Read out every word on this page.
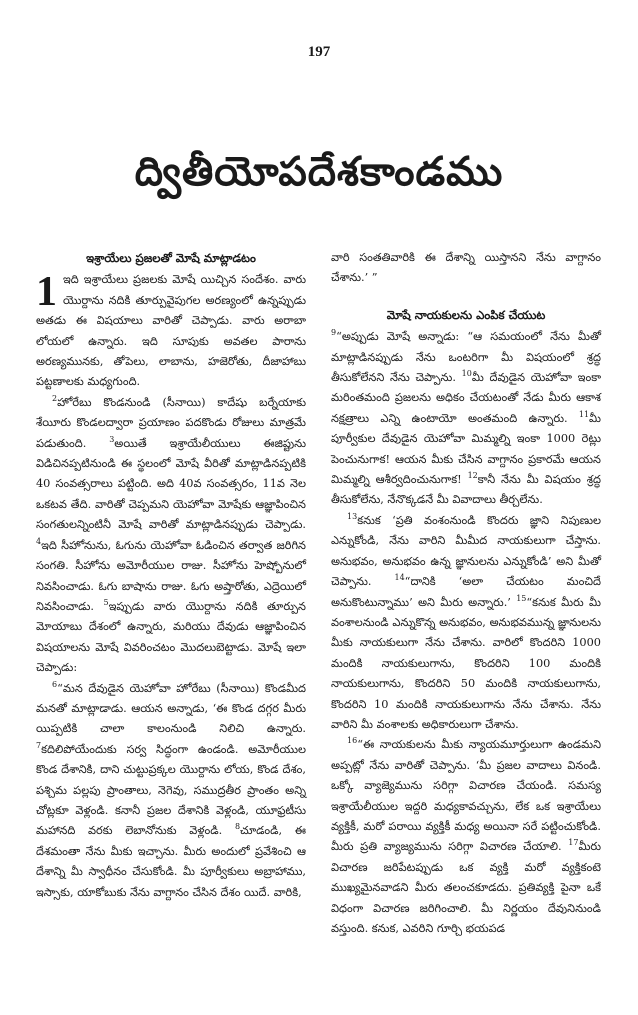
197
ద్వితీయోపదేశకాండము
ఇశ్రాయేలు ప్రజలతో మోషే మాట్లాడటం
1 ఇది ఇశ్రాయేలు ప్రజలకు మోషే యిచ్చిన సందేశం. వారు యొర్దాను నదికి తూర్పువైపుగల అరణ్యంలో ఉన్నప్పుడు అతడు ఈ విషయాలు వారితో చెప్పాడు. వారు అరాబా లోయలో ఉన్నారు. ఇది సూపుకు అవతల పారాను అరణ్యమునకు, తోపెలు, లాబాను, హజెరోతు, దీజాహాబు పట్టణాలకు మధ్యగుంది.

$^2$హోరేబు కొండనుండి (సీనాయి) కాదేషు బర్నేయాకు శేయీరు కొండలద్వారా ప్రయాణం పదకొండు రోజులు మాత్రమే పడుతుంది. $^3$అయితే ఇశ్రాయేలీయులు ఈజిప్టును విడిచినప్పటినుండి ఈ స్థలంలో మోషే వీరితో మాట్లాడినప్పటికి 40 సంవత్సరాలు పట్టింది. అది 40వ సంవత్సరం, 11వ నెల ఒకటవ తేది. వారితో చెప్పమని యెహోవా మోషేకు ఆజ్ఞాపించిన సంగతులన్నింటినీ మోషే వారితో మాట్లాడినప్పుడు చెప్పాడు. $^4$ఇది సీహోనును, ఓగును యెహోవా ఓడించిన తర్వాత జరిగిన సంగతి. సీహోను అమోరీయుల రాజు. సీహోను హెష్బోనులో నివసించాడు. ఓగు బాషాను రాజు. ఓగు అష్తారోతు, ఎద్రెయిలో నివసించాడు. $^5$ఇప్పుడు వారు యొర్దాను నదికి తూర్పున మోయాబు దేశంలో ఉన్నారు, మరియు దేవుడు ఆజ్ఞాపించిన విషయాలను మోషే వివరించటం మొదలుబెట్టాడు. మోషే ఇలా చెప్పాడు:

$^6$“మన దేవుడైన యెహోవా హోరేబు (సీనాయి) కొండమీద మనతో మాట్లాడాడు. ఆయన అన్నాడు, ‘ఈ కొండ దగ్గర మీరు యిప్పటికి చాలా కాలంనుండి నిలిచి ఉన్నారు. $^7$కదిలిపోయేందుకు సర్వ సిద్ధంగా ఉండండి. అమోరీయుల కొండ దేశానికి, దాని చుట్టుప్రక్కల యొర్దాను లోయ, కొండ దేశం, పశ్చిమ పల్లపు ప్రాంతాలు, నెగెవు, సముద్రతీర ప్రాంతం అన్ని చోట్లకూ వెళ్లండి. కనానీ ప్రజల దేశానికి వెళ్లండి, యూఫ్రటీసు మహానది వరకు లెబానోనుకు వెళ్లండి. $^8$చూడండి, ఈ దేశమంతా నేను మీకు ఇచ్చాను. మీరు అందులో ప్రవేశించి ఆ దేశాన్ని మీ స్వాధీనం చేసుకోండి. మీ పూర్వీకులు అబ్రాహాము, ఇస్సాకు, యాకోబుకు నేను వాగ్దానం చేసిన దేశం యిదే. వారికి,

వారి సంతతివారికి ఈ దేశాన్ని యిస్తానని నేను వాగ్దానం చేశాను.’ ”

మోషే నాయకులను ఎంపిక చేయుట

$^9$“అప్పుడు మోషే అన్నాడు: “ఆ సమయంలో నేను మీతో మాట్లాడినప్పుడు నేను ఒంటరిగా మీ విషయంలో శ్రద్ధ తీసుకోలేనని నేను చెప్పాను. $^{10}$మీ దేవుడైన యెహోవా ఇంకా మరింతమంది ప్రజలను అధికం చేయటంతో నేడు మీరు ఆకాశ నక్షత్రాలు ఎన్ని ఉంటాయో అంతమంది ఉన్నారు. $^{11}$మీ పూర్వీకుల దేవుడైన యెహోవా మిమ్మల్ని ఇంకా 1000 రెట్లు పెంచునుగాక! ఆయన మీకు చేసిన వాగ్దానం ప్రకారమే ఆయన మిమ్మల్ని ఆశీర్వదించునుగాక! $^{12}$కానీ నేను మీ విషయం శ్రద్ధ తీసుకోలేను, నేనొక్కడనే మీ వివాదాలు తీర్చలేను.

$^{13}$కనుక ‘ప్రతి వంశంనుండి కొందరు జ్ఞాని నిపుణుల ఎన్నుకోండి, నేను వారిని మీమీద నాయకులుగా చేస్తాను. అనుభవం, అనుభవం ఉన్న జ్ఞానులను ఎన్నుకోండి’ అని మీతో చెప్పాను. $^{14}$“దానికి ‘అలా చేయటం మంచిదే అనుకొంటున్నాము’ అని మీరు అన్నారు.’ $^{15}$“కనుక మీరు మీ వంశాలనుండి ఎన్నుకొన్న అనుభవం, అనుభవమున్న జ్ఞానులను మీకు నాయకులుగా నేను చేశాను. వారిలో కొందరిని 1000 మందికి నాయకులుగాను, కొందరిని 100 మందికి నాయకులుగాను, కొందరిని 50 మందికి నాయకులుగాను, కొందరిని 10 మందికి నాయకులుగాను నేను చేశాను. నేను వారిని మీ వంశాలకు అధికారులుగా చేశాను.

$^{16}$“ఈ నాయకులను మీకు న్యాయమూర్తులుగా ఉండమని అప్పట్లో నేను వారితో చెప్పాను. ‘మీ ప్రజల వాదాలు వినండి. ఒక్కో వ్యాజ్యెమును సరిగ్గా విచారణ చేయండి. సమస్య ఇశ్రాయేలీయుల ఇద్దరి మధ్యకావచ్చును, లేక ఒక ఇశ్రాయేలు వ్యక్తికీ, మరో పరాయి వ్యక్తికీ మధ్య అయినా సరే పట్టించుకోండి. మీరు ప్రతి వ్యాజ్యమును సరిగ్గా విచారణ చేయాలి. $^{17}$మీరు విచారణ జరిపేటప్పుడు ఒక వ్యక్తి మరో వ్యక్తికంటె ముఖ్యమైనవాడని మీరు తలంచకూడదు. ప్రతివ్యక్తి పైనా ఒకే విధంగా విచారణ జరిగించాలి. మీ నిర్ణయం దేవునినుండి వస్తుంది. కనుక, ఎవరిని గూర్చి భయపడ
